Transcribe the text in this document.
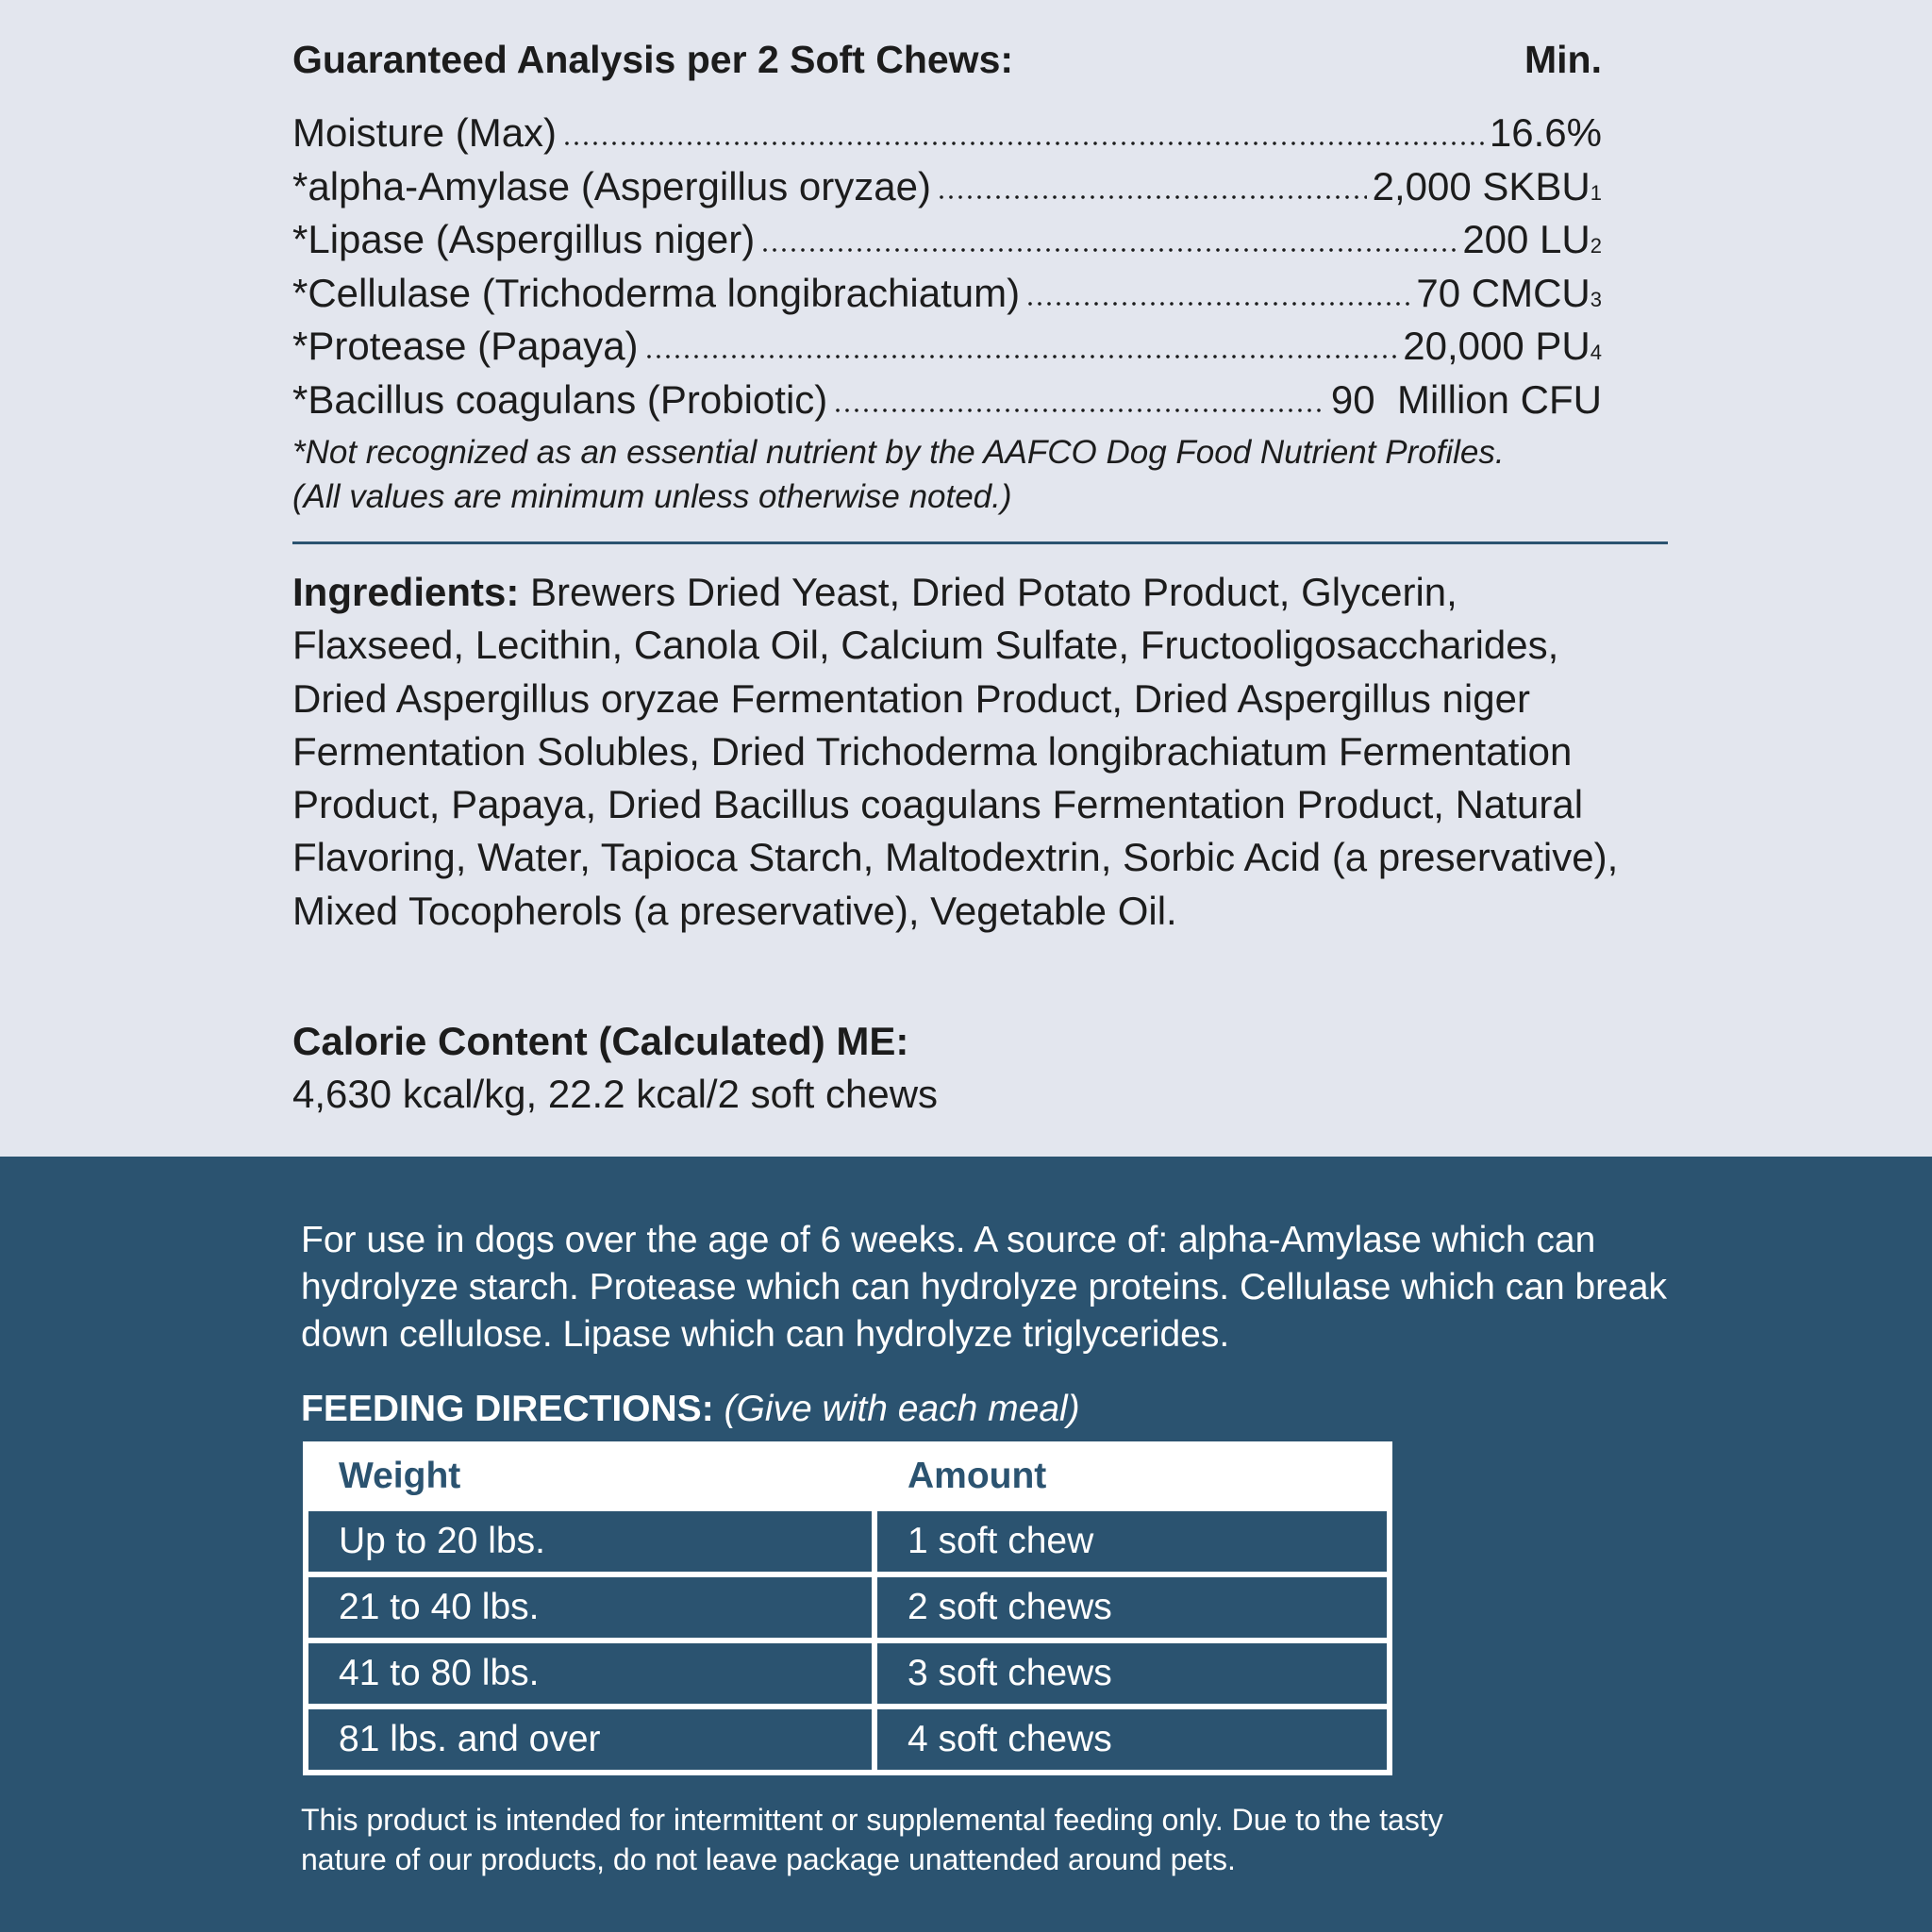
Guaranteed Analysis per 2 Soft Chews:	Min.
Moisture (Max)	16.6%
*alpha-Amylase (Aspergillus oryzae)	2,000 SKBU 1
*Lipase (Aspergillus niger)	200 LU 2
*Cellulase (Trichoderma longibrachiatum)	70 CMCU 3
*Protease (Papaya)	20,000 PU 4
*Bacillus coagulans (Probiotic)	90  Million CFU
*Not recognized as an essential nutrient by the AAFCO Dog Food Nutrient Profiles.
(All values are minimum unless otherwise noted.)
Ingredients: Brewers Dried Yeast, Dried Potato Product, Glycerin, Flaxseed, Lecithin, Canola Oil, Calcium Sulfate, Fructooligosaccharides, Dried Aspergillus oryzae Fermentation Product, Dried Aspergillus niger Fermentation Solubles, Dried Trichoderma longibrachiatum Fermentation Product, Papaya, Dried Bacillus coagulans Fermentation Product, Natural Flavoring, Water, Tapioca Starch, Maltodextrin, Sorbic Acid (a preservative), Mixed Tocopherols (a preservative), Vegetable Oil.
Calorie Content (Calculated) ME:
4,630 kcal/kg, 22.2 kcal/2 soft chews
For use in dogs over the age of 6 weeks. A source of: alpha-Amylase which can hydrolyze starch. Protease which can hydrolyze proteins. Cellulase which can break down cellulose. Lipase which can hydrolyze triglycerides.
FEEDING DIRECTIONS: (Give with each meal)
Weight	Amount
Up to 20 lbs.	1 soft chew
21 to 40 lbs.	2 soft chews
41 to 80 lbs.	3 soft chews
81 lbs. and over	4 soft chews
This product is intended for intermittent or supplemental feeding only. Due to the tasty
nature of our products, do not leave package unattended around pets.
